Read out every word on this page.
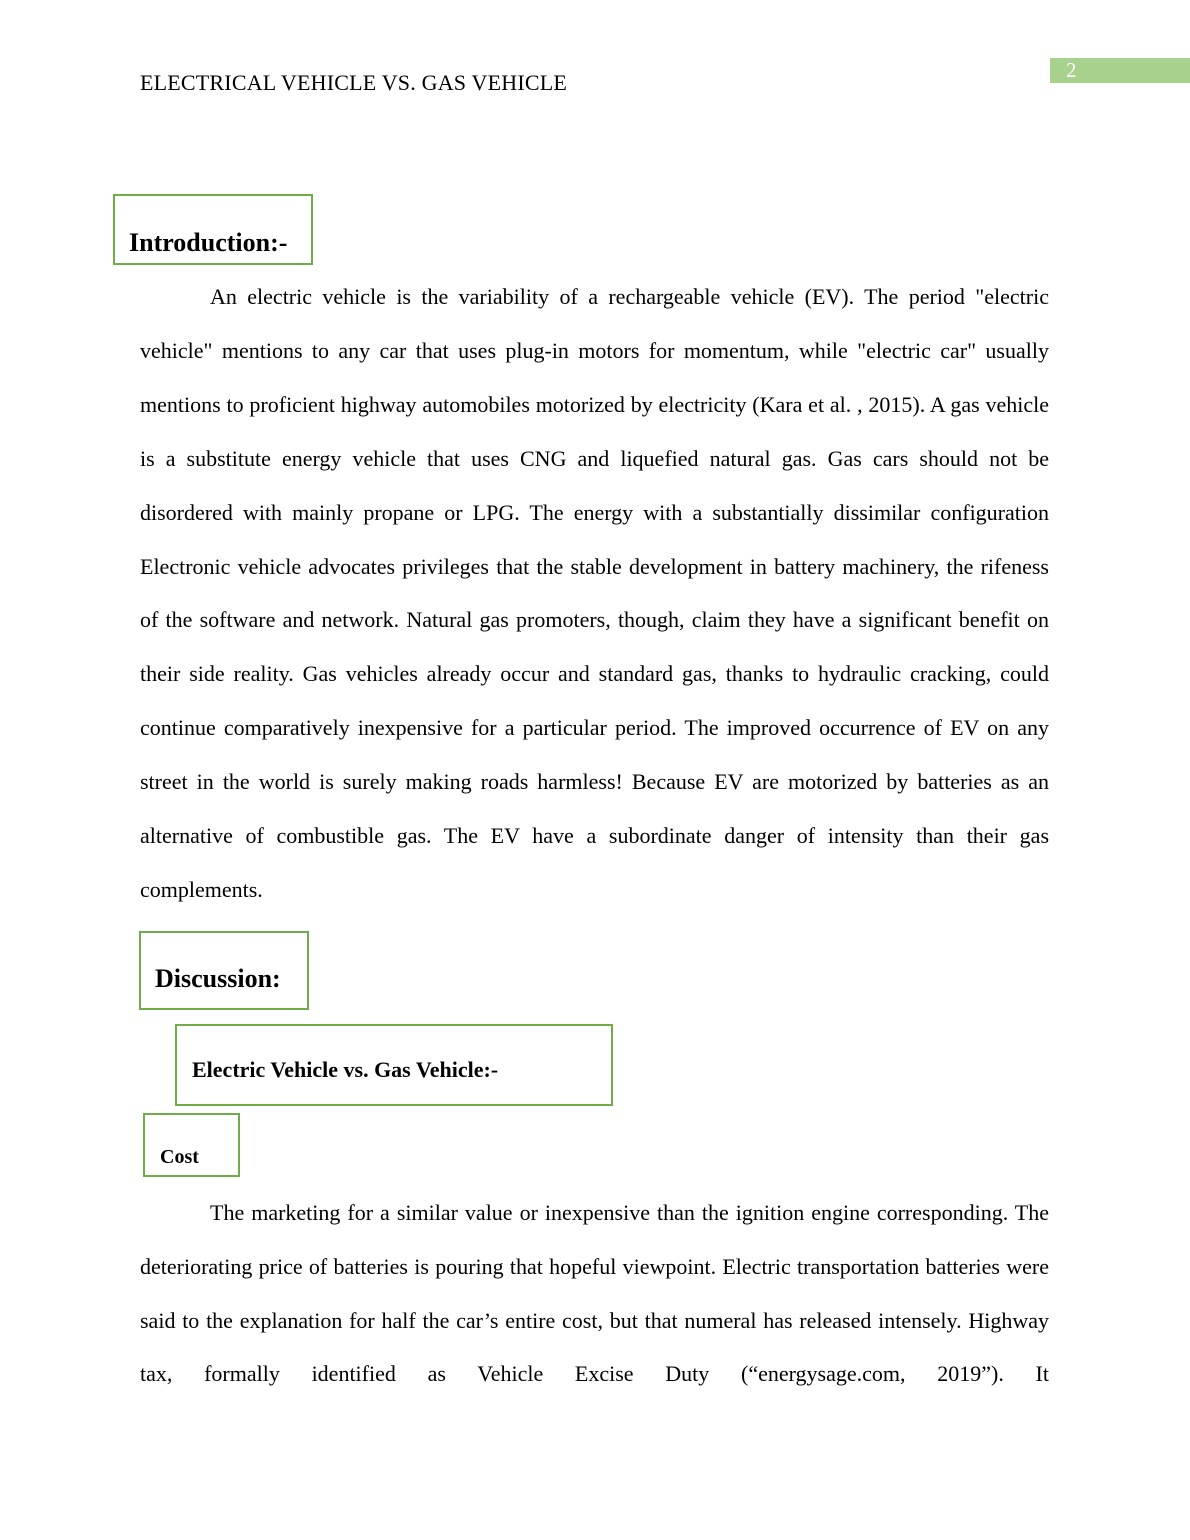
ELECTRICAL VEHICLE VS. GAS VEHICLE	2
Introduction:-

An electric vehicle is the variability of a rechargeable vehicle (EV). The period "electric vehicle" mentions to any car that uses plug-in motors for momentum, while "electric car" usually mentions to proficient highway automobiles motorized by electricity (Kara et al. , 2015). A gas vehicle is a substitute energy vehicle that uses CNG and liquefied natural gas. Gas cars should not be disordered with mainly propane or LPG. The energy with a substantially dissimilar configuration Electronic vehicle advocates privileges that the stable development in battery machinery, the rifeness of the software and network. Natural gas promoters, though, claim they have a significant benefit on their side reality. Gas vehicles already occur and standard gas, thanks to hydraulic cracking, could continue comparatively inexpensive for a particular period. The improved occurrence of EV on any street in the world is surely making roads harmless! Because EV are motorized by batteries as an alternative of combustible gas. The EV have a subordinate danger of intensity than their gas complements.

Discussion:
Electric Vehicle vs. Gas Vehicle:-
Cost

The marketing for a similar value or inexpensive than the ignition engine corresponding. The deteriorating price of batteries is pouring that hopeful viewpoint. Electric transportation batteries were said to the explanation for half the car’s entire cost, but that numeral has released intensely. Highway tax, formally identified as Vehicle Excise Duty (“energysage.com, 2019”). It
